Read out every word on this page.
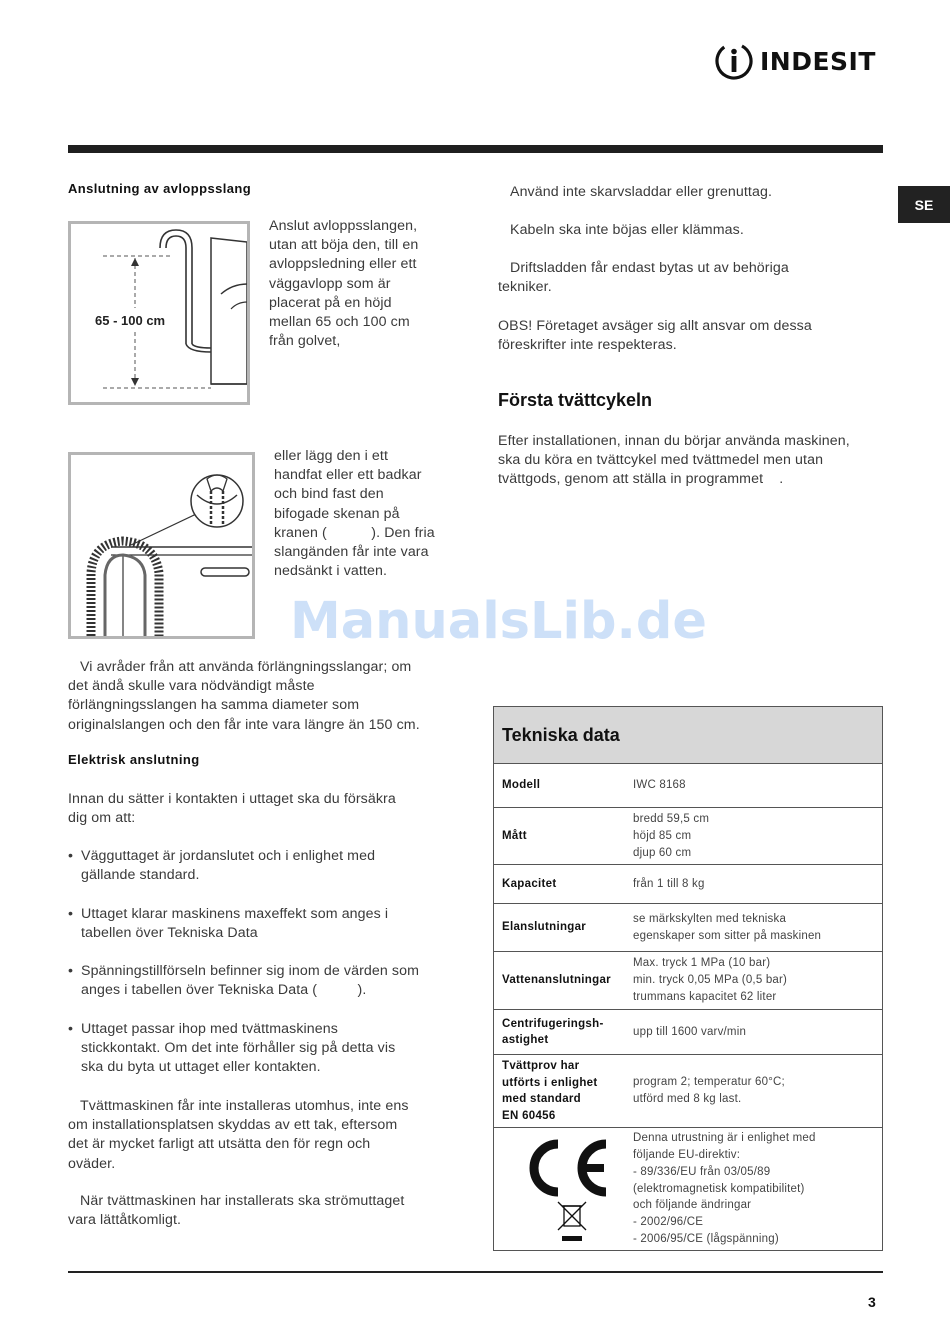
INDESIT
SE
Anslutning av avloppsslang
65 - 100 cm
Anslut avloppsslangen,
utan att böja den, till en
avloppsledning eller ett
väggavlopp som är
placerat på en höjd
mellan 65 och 100 cm
från golvet,
eller lägg den i ett
handfat eller ett badkar
och bind fast den
bifogade skenan på
kranen (           ). Den fria
slangänden får inte vara
nedsänkt i vatten.
ManualsLib.de
Vi avråder från att använda förlängningsslangar; om
det ändå skulle vara nödvändigt måste
förlängningsslangen ha samma diameter som
originalslangen och den får inte vara längre än 150 cm.
Elektrisk anslutning
Innan du sätter i kontakten i uttaget ska du försäkra
dig om att:
• Vägguttaget är jordanslutet och i enlighet med
gällande standard.
• Uttaget klarar maskinens maxeffekt som anges i
tabellen över Tekniska Data
• Spänningstillförseln befinner sig inom de värden som
anges i tabellen över Tekniska Data (          ).
• Uttaget passar ihop med tvättmaskinens
stickkontakt. Om det inte förhåller sig på detta vis
ska du byta ut uttaget eller kontakten.
Tvättmaskinen får inte installeras utomhus, inte ens
om installationsplatsen skyddas av ett tak, eftersom
det är mycket farligt att utsätta den för regn och
oväder.
När tvättmaskinen har installerats ska strömuttaget
vara lättåtkomligt.
Använd inte skarvsladdar eller grenuttag.
Kabeln ska inte böjas eller klämmas.
Driftsladden får endast bytas ut av behöriga
tekniker.
OBS! Företaget avsäger sig allt ansvar om dessa
föreskrifter inte respekteras.
Första tvättcykeln
Efter installationen, innan du börjar använda maskinen,
ska du köra en tvättcykel med tvättmedel men utan
tvättgods, genom att ställa in programmet    .
Tekniska data
Modell	IWC 8168
Mått
bredd 59,5 cm
höjd 85 cm
djup 60 cm
Kapacitet	från 1 till 8 kg
Elanslutningar
se märkskylten med tekniska
egenskaper som sitter på maskinen
Vattenanslutningar
Max. tryck 1 MPa (10 bar)
min. tryck 0,05 MPa (0,5 bar)
trummans kapacitet 62 liter
Centrifugeringsh-
astighet
upp till 1600 varv/min
Tvättprov har
utförts i enlighet
med standard
EN 60456
program 2; temperatur 60°C;
utförd med 8 kg last.
Denna utrustning är i enlighet med
följande EU-direktiv:
- 89/336/EU från 03/05/89
(elektromagnetisk kompatibilitet)
och följande ändringar
- 2002/96/CE
- 2006/95/CE (lågspänning)
3
